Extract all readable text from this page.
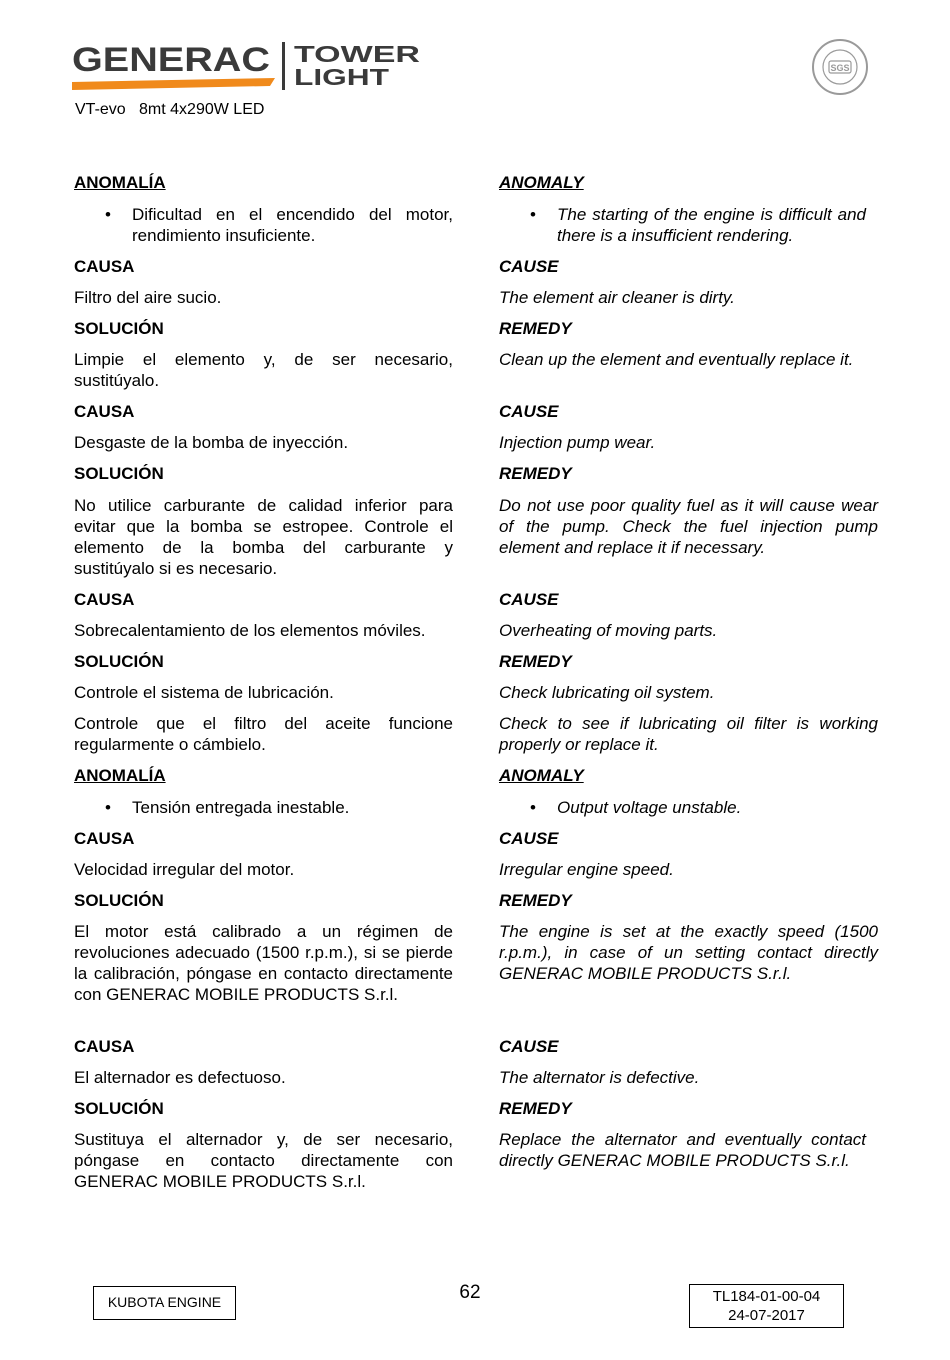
GENERAC TOWER
LIGHT
VT-evo 8mt 4x290W LED
SGS
ANOMALÍA
• Dificultad en el encendido del motor, rendimiento insuficiente.
CAUSA
Filtro del aire sucio.
SOLUCIÓN
Limpie el elemento y, de ser necesario, sustitúyalo.
CAUSA
Desgaste de la bomba de inyección.
SOLUCIÓN
No utilice carburante de calidad inferior para evitar que la bomba se estropee. Controle el elemento de la bomba del carburante y sustitúyalo si es necesario.
CAUSA
Sobrecalentamiento de los elementos móviles.
SOLUCIÓN
Controle el sistema de lubricación.
Controle que el filtro del aceite funcione regularmente o cámbielo.
ANOMALÍA
• Tensión entregada inestable.
CAUSA
Velocidad irregular del motor.
SOLUCIÓN
El motor está calibrado a un régimen de revoluciones adecuado (1500 r.p.m.), si se pierde la calibración, póngase en contacto directamente con GENERAC MOBILE PRODUCTS S.r.l.
CAUSA
El alternador es defectuoso.
SOLUCIÓN
Sustituya el alternador y, de ser necesario, póngase en contacto directamente con GENERAC MOBILE PRODUCTS S.r.l.
ANOMALY
• The starting of the engine is difficult and there is a insufficient rendering.
CAUSE
The element air cleaner is dirty.
REMEDY
Clean up the element and eventually replace it.
CAUSE
Injection pump wear.
REMEDY
Do not use poor quality fuel as it will cause wear of the pump. Check the fuel injection pump element and replace it if necessary.
CAUSE
Overheating of moving parts.
REMEDY
Check lubricating oil system.
Check to see if lubricating oil filter is working properly or replace it.
ANOMALY
• Output voltage unstable.
CAUSE
Irregular engine speed.
REMEDY
The engine is set at the exactly speed (1500 r.p.m.), in case of un setting contact directly GENERAC MOBILE PRODUCTS S.r.l.
CAUSE
The alternator is defective.
REMEDY
Replace the alternator and eventually contact directly GENERAC MOBILE PRODUCTS S.r.l.
KUBOTA ENGINE	62	TL184-01-00-04
24-07-2017
